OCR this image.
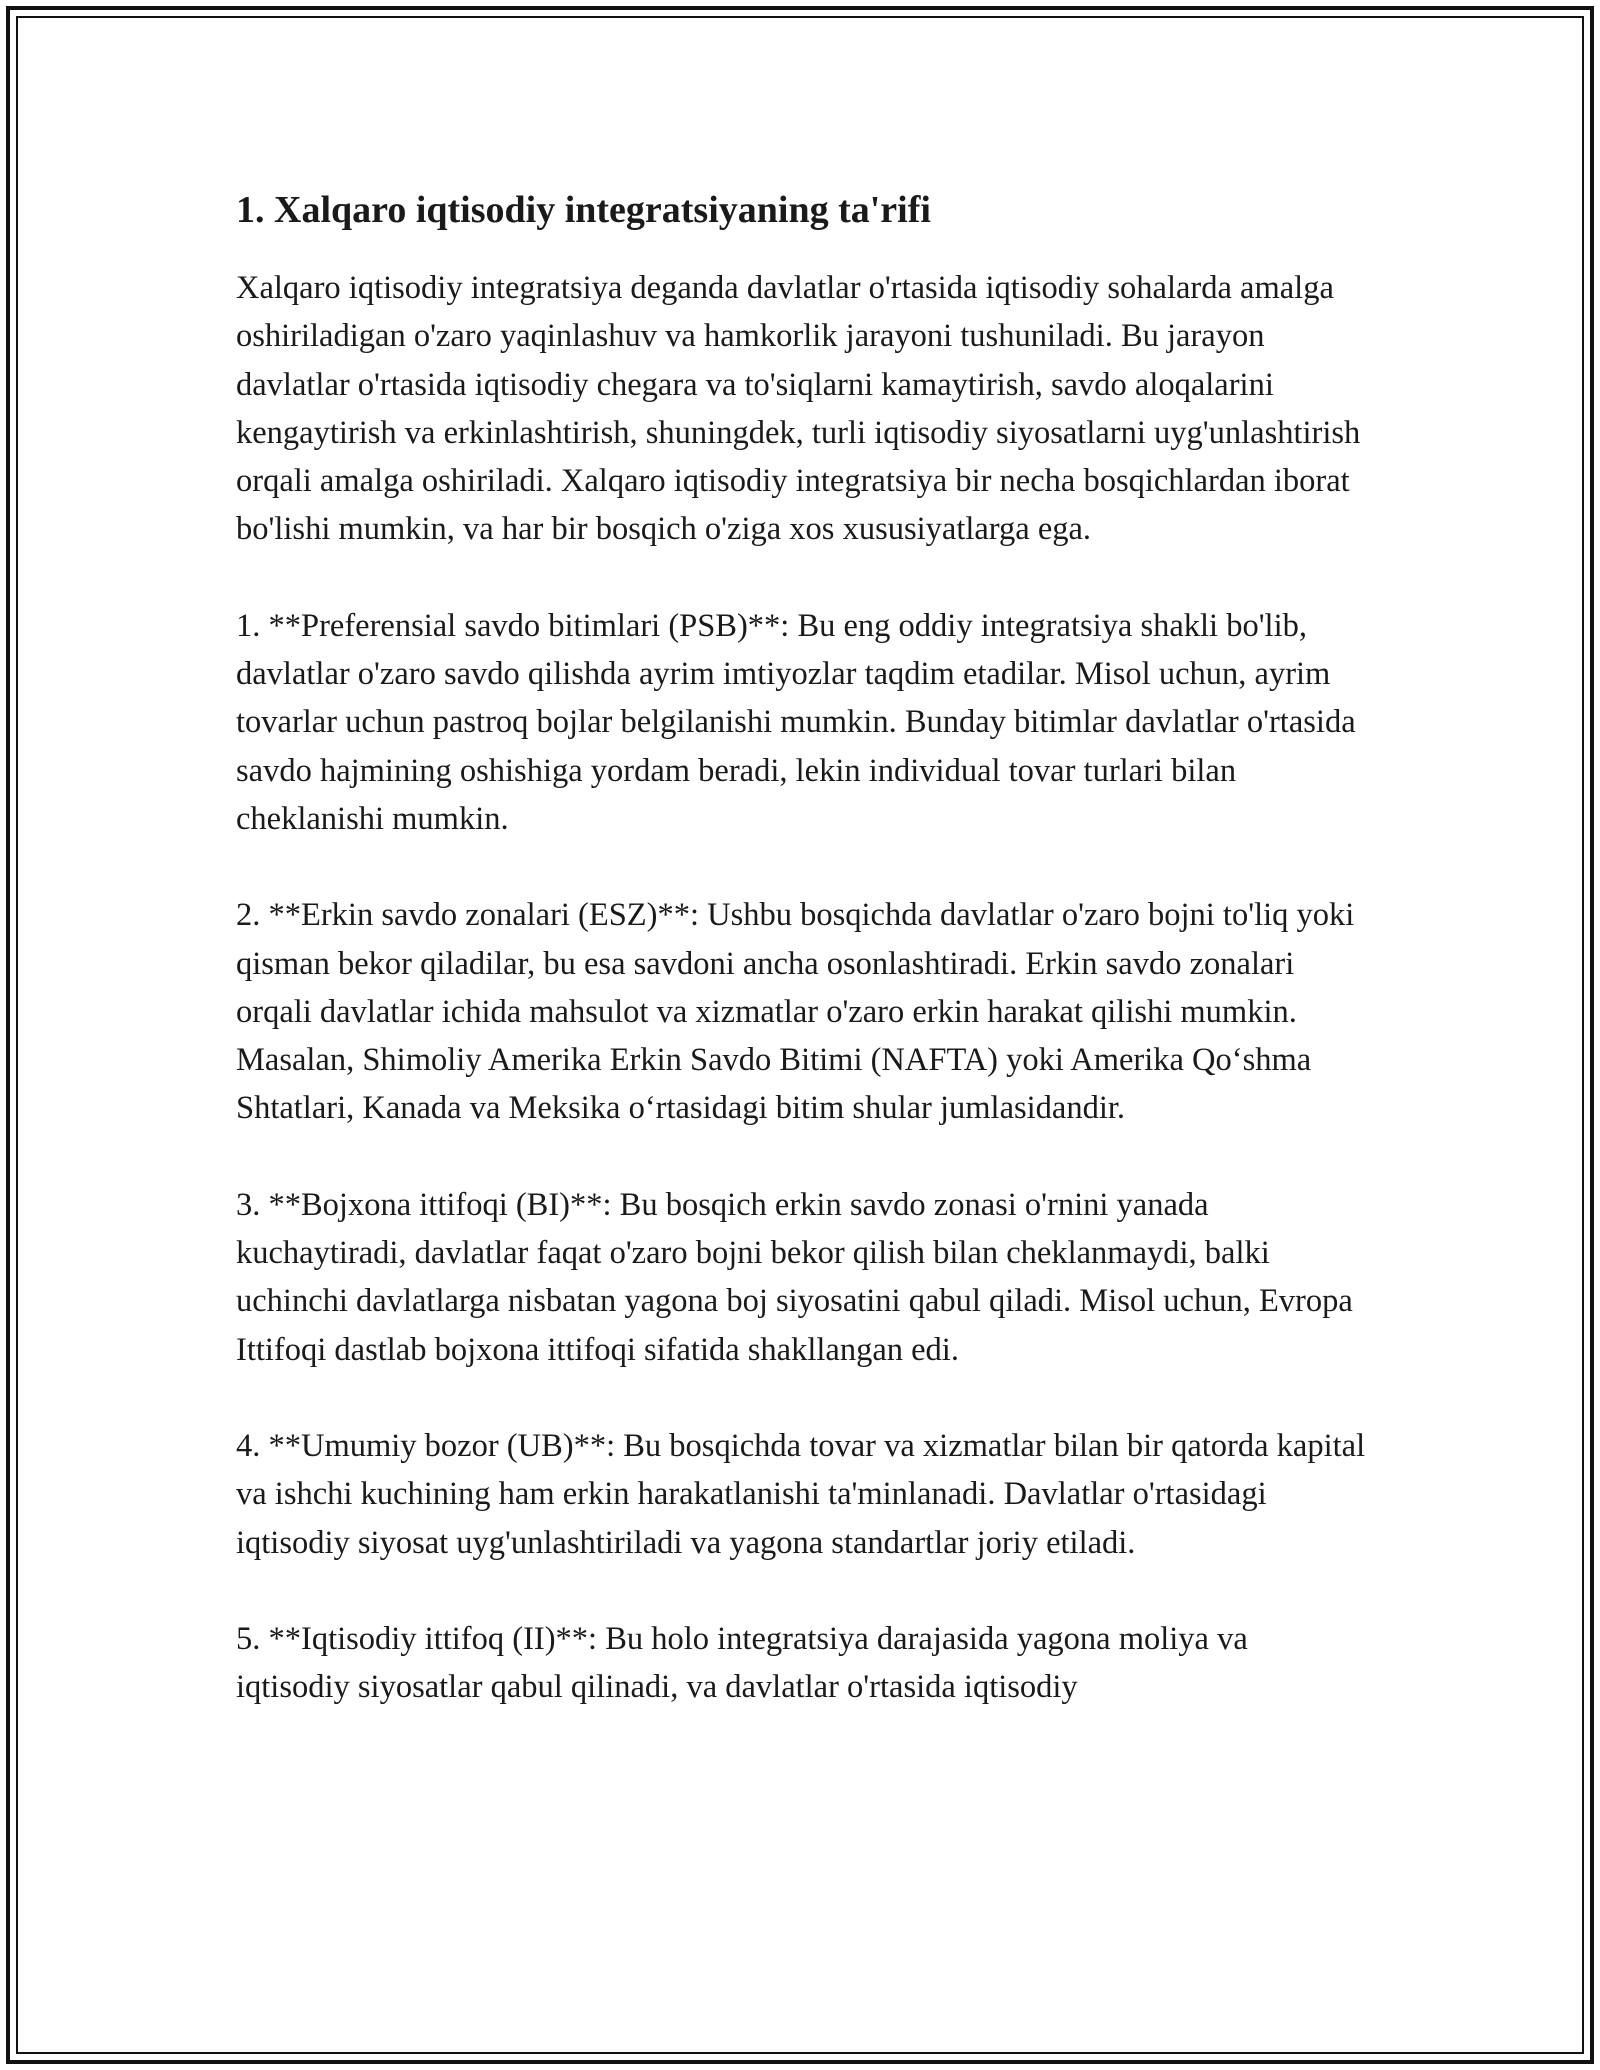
1. Xalqaro iqtisodiy integratsiyaning ta'rifi

Xalqaro iqtisodiy integratsiya deganda davlatlar o'rtasida iqtisodiy sohalarda amalga oshiriladigan o'zaro yaqinlashuv va hamkorlik jarayoni tushuniladi. Bu jarayon davlatlar o'rtasida iqtisodiy chegara va to'siqlarni kamaytirish, savdo aloqalarini kengaytirish va erkinlashtirish, shuningdek, turli iqtisodiy siyosatlarni uyg'unlashtirish orqali amalga oshiriladi. Xalqaro iqtisodiy integratsiya bir necha bosqichlardan iborat bo'lishi mumkin, va har bir bosqich o'ziga xos xususiyatlarga ega.

1. **Preferensial savdo bitimlari (PSB)**: Bu eng oddiy integratsiya shakli bo'lib, davlatlar o'zaro savdo qilishda ayrim imtiyozlar taqdim etadilar. Misol uchun, ayrim tovarlar uchun pastroq bojlar belgilanishi mumkin. Bunday bitimlar davlatlar o'rtasida savdo hajmining oshishiga yordam beradi, lekin individual tovar turlari bilan cheklanishi mumkin.

2. **Erkin savdo zonalari (ESZ)**: Ushbu bosqichda davlatlar o'zaro bojni to'liq yoki qisman bekor qiladilar, bu esa savdoni ancha osonlashtiradi. Erkin savdo zonalari orqali davlatlar ichida mahsulot va xizmatlar o'zaro erkin harakat qilishi mumkin. Masalan, Shimoliy Amerika Erkin Savdo Bitimi (NAFTA) yoki Amerika Qo‘shma Shtatlari, Kanada va Meksika o‘rtasidagi bitim shular jumlasidandir.

3. **Bojxona ittifoqi (BI)**: Bu bosqich erkin savdo zonasi o'rnini yanada kuchaytiradi, davlatlar faqat o'zaro bojni bekor qilish bilan cheklanmaydi, balki uchinchi davlatlarga nisbatan yagona boj siyosatini qabul qiladi. Misol uchun, Evropa Ittifoqi dastlab bojxona ittifoqi sifatida shakllangan edi.

4. **Umumiy bozor (UB)**: Bu bosqichda tovar va xizmatlar bilan bir qatorda kapital va ishchi kuchining ham erkin harakatlanishi ta'minlanadi. Davlatlar o'rtasidagi iqtisodiy siyosat uyg'unlashtiriladi va yagona standartlar joriy etiladi.

5. **Iqtisodiy ittifoq (II)**: Bu holo integratsiya darajasida yagona moliya va iqtisodiy siyosatlar qabul qilinadi, va davlatlar o'rtasida iqtisodiy
